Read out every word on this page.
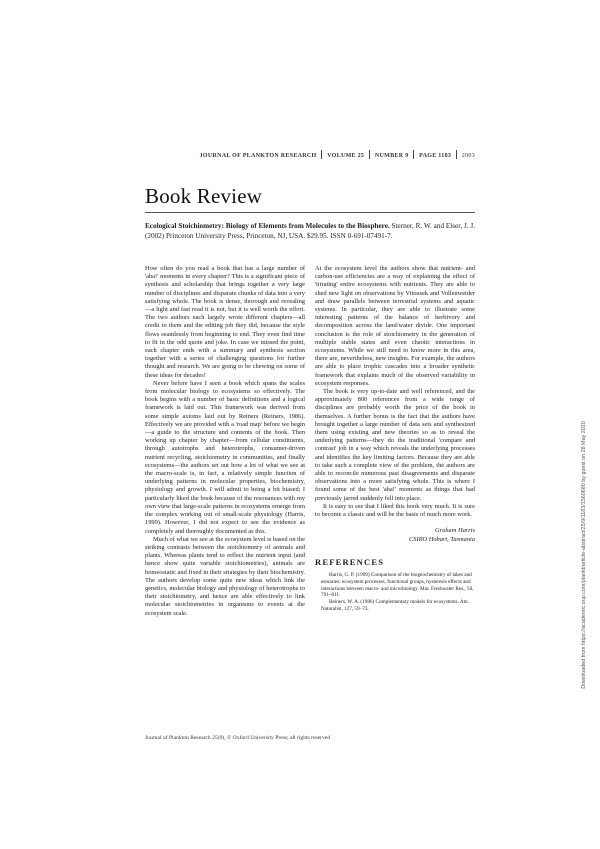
JOURNAL OF PLANKTON RESEARCH VOLUME 25 NUMBER 9 PAGE 1183 2003
Book Review
Ecological Stoichiometry: Biology of Elements from Molecules to the Biosphere. Sterner, R. W. and Elser, J. J. (2002) Princeton University Press, Princeton, NJ, USA. $29.95. ISSN 0-691-07491-7.

How often do you read a book that has a large number of 'aha!' moments in every chapter? This is a significant piece of synthesis and scholarship that brings together a very large number of disciplines and disparate chunks of data into a very satisfying whole. The book is dense, thorough and revealing—a light and fast read it is not, but it is well worth the effort. The two authors each largely wrote different chapters—all credit to them and the editing job they did, because the style flows seamlessly from beginning to end. They even find time to fit in the odd quote and joke. In case we missed the point, each chapter ends with a summary and synthesis section together with a series of challenging questions for further thought and research. We are going to be chewing on some of these ideas for decades!

Never before have I seen a book which spans the scales from molecular biology to ecosystems so effectively. The book begins with a number of basic definitions and a logical framework is laid out. This framework was derived from some simple axioms laid out by Reiners (Reiners, 1986). Effectively we are provided with a 'road map' before we begin—a guide to the structure and contents of the book. Then working up chapter by chapter—from cellular constituents, through autotrophs and heterotrophs, consumer-driven nutrient recycling, stoichiometry in communities, and finally ecosystems—the authors set out how a lot of what we see at the macro-scale is, in fact, a relatively simple function of underlying patterns in molecular properties, biochemistry, physiology and growth. I will admit to being a bit biased; I particularly liked the book because of the resonances with my own view that large-scale patterns in ecosystems emerge from the complex working out of small-scale physiology (Harris, 1999). However, I did not expect to see the evidence as completely and thoroughly documented as this.

Much of what we see at the ecosystem level is based on the striking contrasts between the stoichiometry of animals and plants. Whereas plants tend to reflect the nutrient input (and hence show quite variable stoichiometries), animals are homeostatic and fixed in their strategies by their biochemistry. The authors develop some quite new ideas which link the genetics, molecular biology and physiology of heterotrophs to their stoichiometry, and hence are able effectively to link molecular stoichiometries in organisms to events at the ecosystem scale.

At the ecosystem level the authors show that nutrient- and carbon-use efficiencies are a way of explaining the effect of 'titrating' entire ecosystems with nutrients. They are able to shed new light on observations by Vitousek and Vollenweider and draw parallels between terrestrial systems and aquatic systems. In particular, they are able to illustrate some interesting patterns of the balance of herbivory and decomposition across the land/water divide. One important conclusion is the role of stoichiometry in the generation of multiple stable states and even chaotic interactions in ecosystems. While we still need to know more in this area, there are, nevertheless, new insights. For example, the authors are able to place trophic cascades into a broader synthetic framework that explains much of the observed variability in ecosystem responses.

The book is very up-to-date and well referenced, and the approximately 800 references from a wide range of disciplines are probably worth the price of the book in themselves. A further bonus is the fact that the authors have brought together a large number of data sets and synthesized them using existing and new theories so as to reveal the underlying patterns—they do the traditional 'compare and contrast' job in a way which reveals the underlying processes and identifies the key limiting factors. Because they are able to take such a complete view of the problem, the authors are able to reconcile numerous past disagreements and disparate observations into a more satisfying whole. This is where I found some of the best 'aha!' moments as things that had previously jarred suddenly fell into place.

It is easy to see that I liked this book very much. It is sure to become a classic and will be the basis of much more work.

Graham Harris
CSIRO Hobart, Tasmania
REFERENCES

Harris, G. P. (1999) Comparison of the biogeochemistry of lakes and estuaries: ecosystem processes, functional groups, hysteresis effects and interactions between macro- and microbiology. Mar. Freshwater Res., 50, 791–811.

Reiners, W. A. (1986) Complementary models for ecosystems. Am. Naturalist, 127, 59–73.

Journal of Plankton Research 25(9), © Oxford University Press; all rights reserved
Downloaded from https://academic.oup.com/plankt/article-abstract/25/9/1183/1560680 by guest on 28 May 2020
